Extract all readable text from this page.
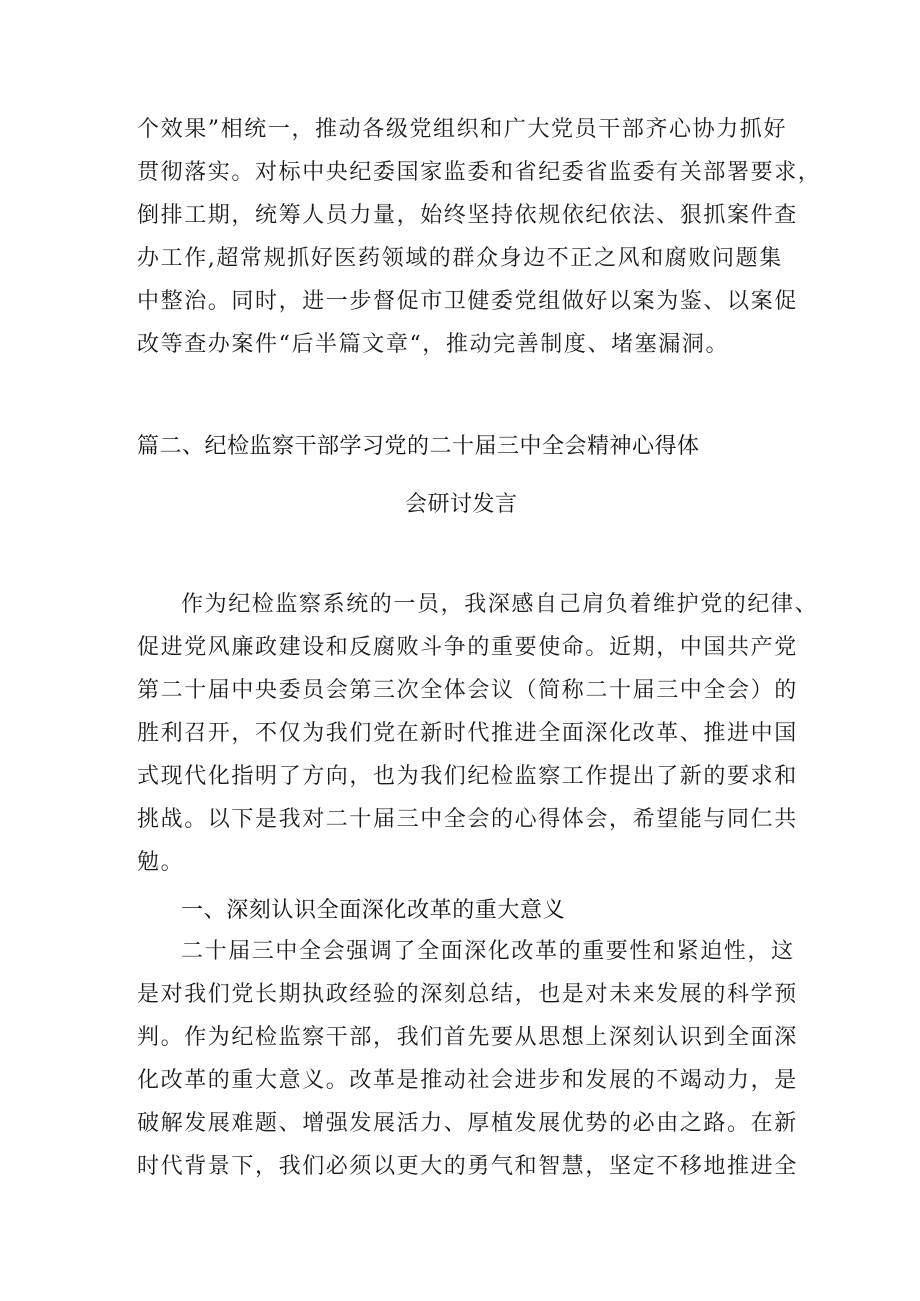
个效果”相统一，推动各级党组织和广大党员干部齐心协力抓好
贯彻落实。对标中央纪委国家监委和省纪委省监委有关部署要求，
倒排工期，统筹人员力量，始终坚持依规依纪依法、狠抓案件查
办工作,超常规抓好医药领域的群众身边不正之风和腐败问题集
中整治。同时，进一步督促市卫健委党组做好以案为鉴、以案促
改等查办案件“后半篇文章“，推动完善制度、堵塞漏洞。
篇二、纪检监察干部学习党的二十届三中全会精神心得体
会研讨发言
作为纪检监察系统的一员，我深感自己肩负着维护党的纪律、
促进党风廉政建设和反腐败斗争的重要使命。近期，中国共产党
第二十届中央委员会第三次全体会议（简称二十届三中全会）的
胜利召开，不仅为我们党在新时代推进全面深化改革、推进中国
式现代化指明了方向，也为我们纪检监察工作提出了新的要求和
挑战。以下是我对二十届三中全会的心得体会，希望能与同仁共
勉。
一、深刻认识全面深化改革的重大意义
二十届三中全会强调了全面深化改革的重要性和紧迫性，这
是对我们党长期执政经验的深刻总结，也是对未来发展的科学预
判。作为纪检监察干部，我们首先要从思想上深刻认识到全面深
化改革的重大意义。改革是推动社会进步和发展的不竭动力，是
破解发展难题、增强发展活力、厚植发展优势的必由之路。在新
时代背景下，我们必须以更大的勇气和智慧，坚定不移地推进全
